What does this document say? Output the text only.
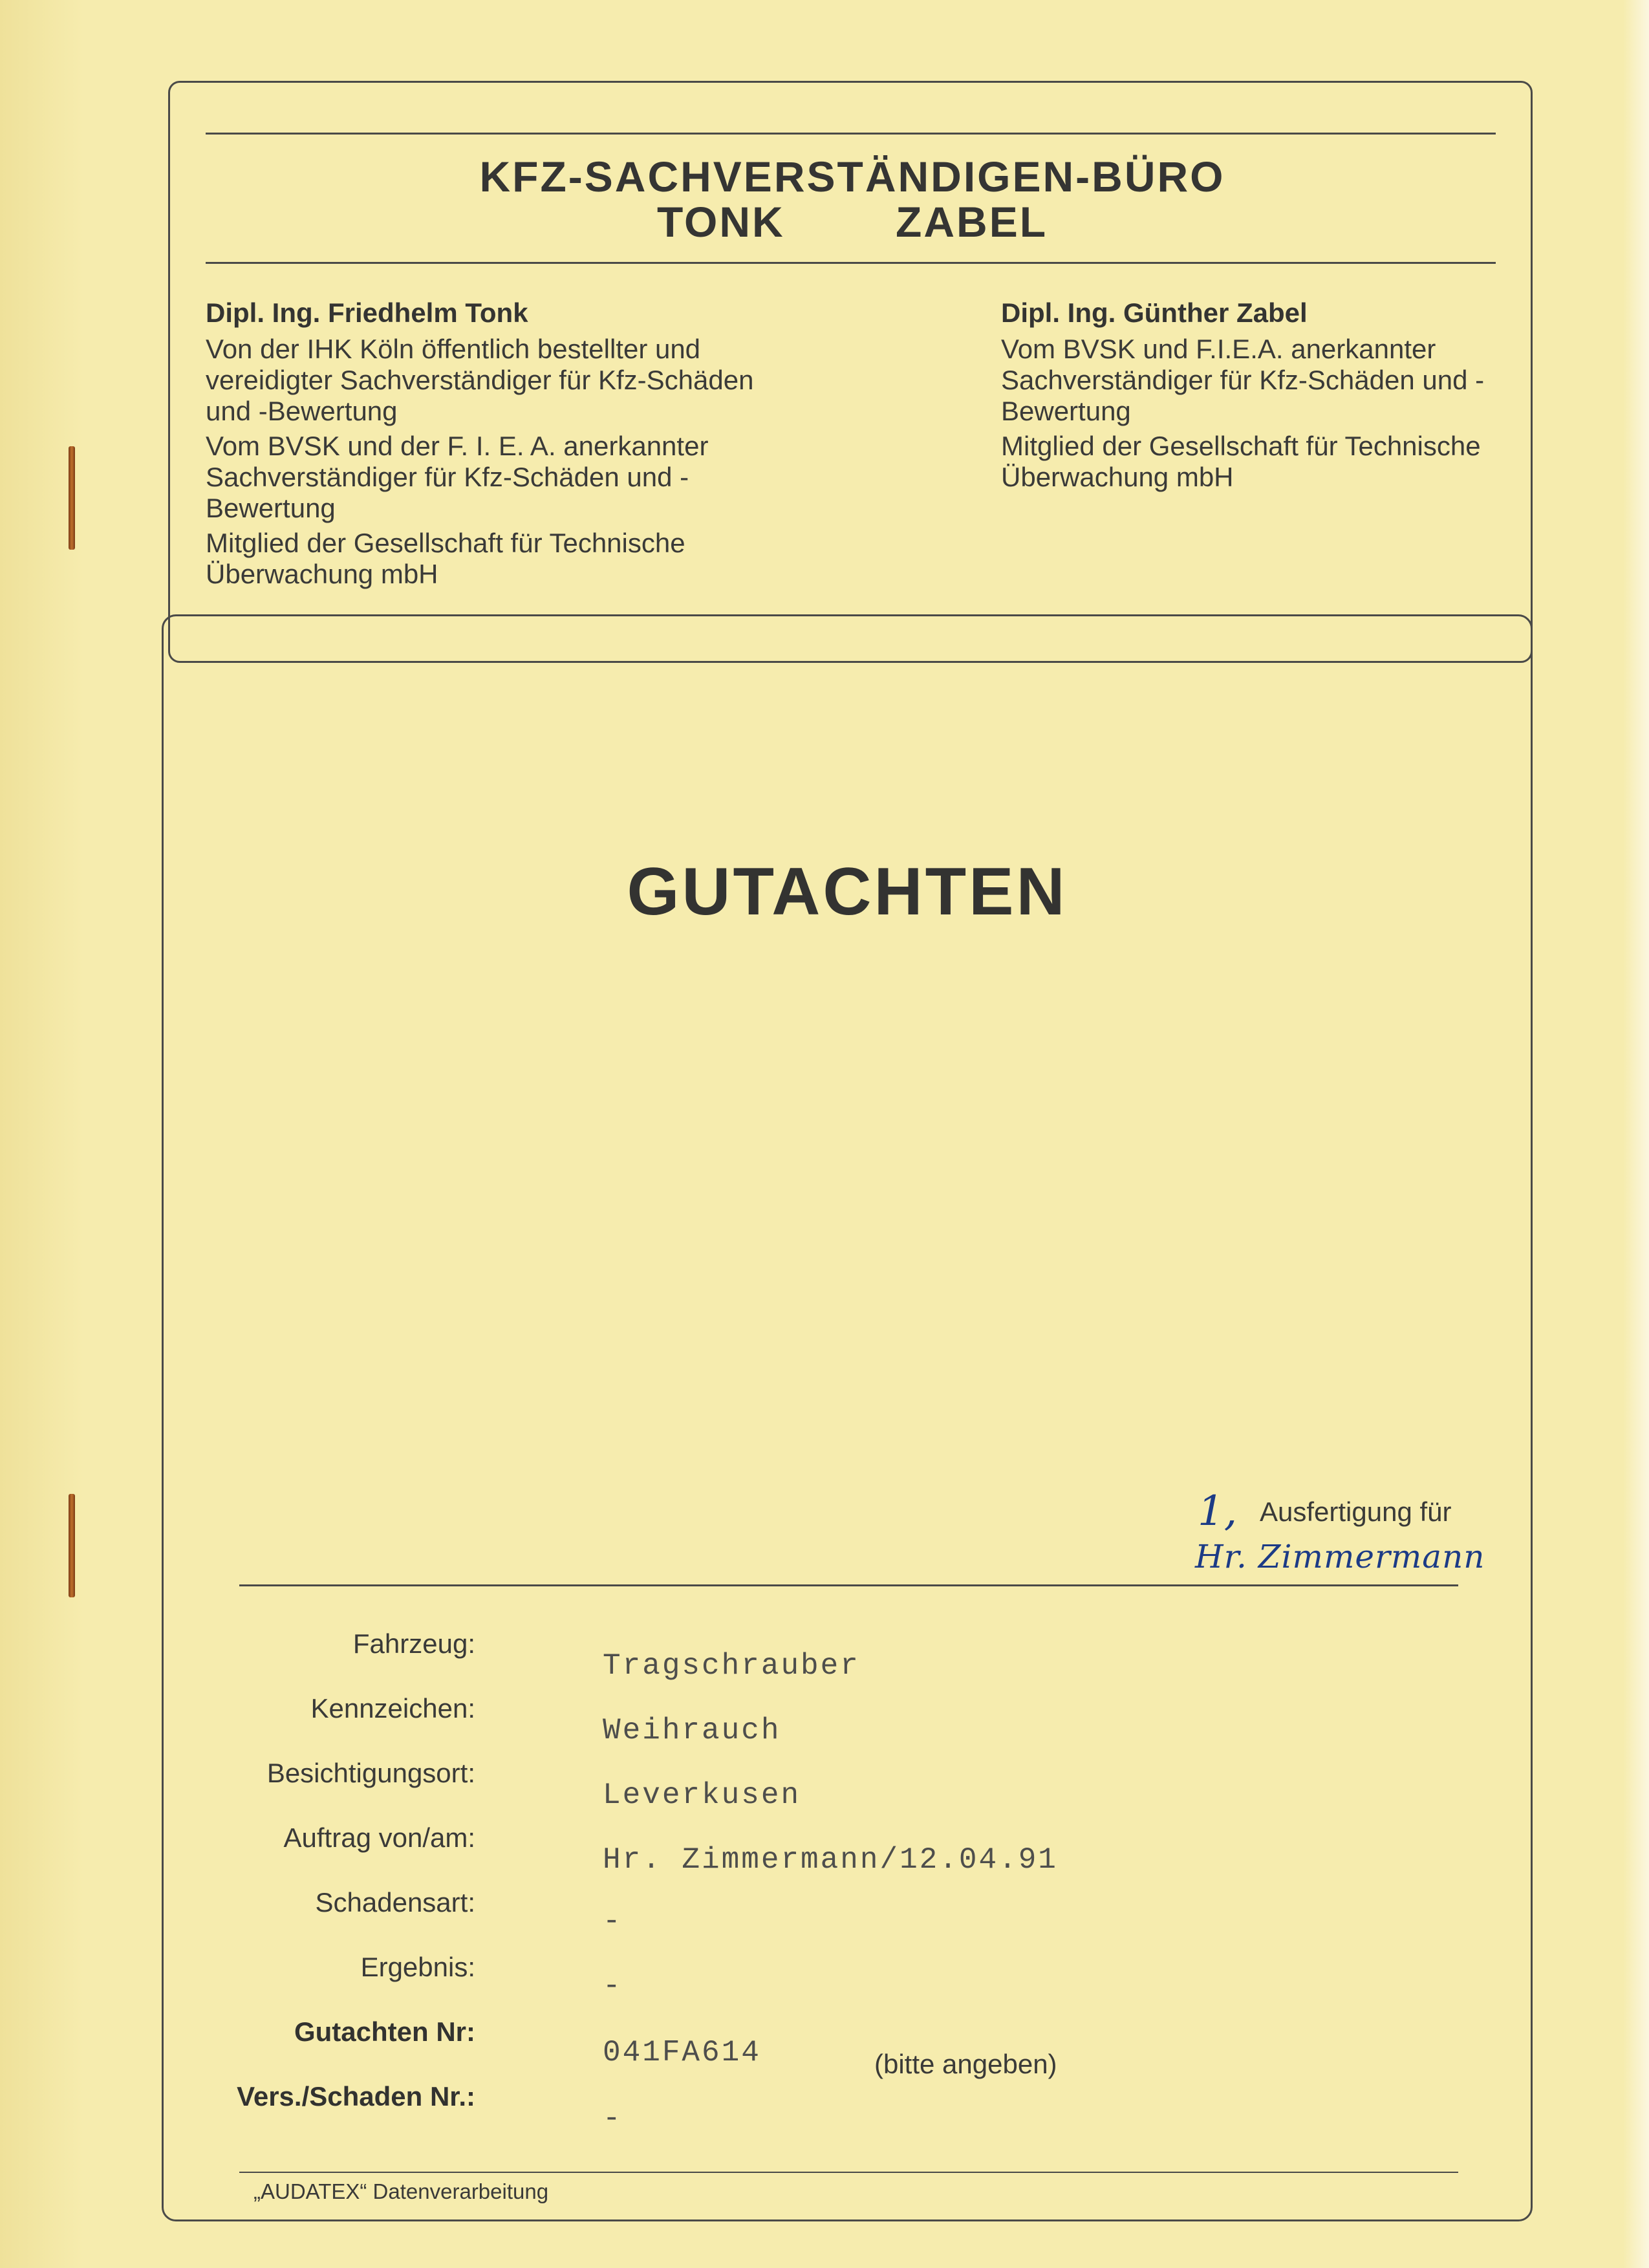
KFZ-SACHVERSTÄNDIGEN-BÜRO
TONK ZABEL
Dipl. Ing. Friedhelm Tonk
Von der IHK Köln öffentlich bestellter und vereidigter Sachverständiger für Kfz-Schäden und -Bewertung
Vom BVSK und der F. I. E. A. anerkannter Sachverständiger für Kfz-Schäden und -Bewertung
Mitglied der Gesellschaft für Technische Überwachung mbH
Dipl. Ing. Günther Zabel
Vom BVSK und F.I.E.A. anerkannter Sachverständiger für Kfz-Schäden und -Bewertung
Mitglied der Gesellschaft für Technische Überwachung mbH
GUTACHTEN
1, Ausfertigung für
Hr. Zimmermann
Fahrzeug:
Tragschrauber
Kennzeichen:
Weihrauch
Besichtigungsort:
Leverkusen
Auftrag von/am:
Hr. Zimmermann/12.04.91
Schadensart:
-
Ergebnis:
-
Gutachten Nr:
041FA614	(bitte angeben)
Vers./Schaden Nr.:
-
„AUDATEX“ Datenverarbeitung
